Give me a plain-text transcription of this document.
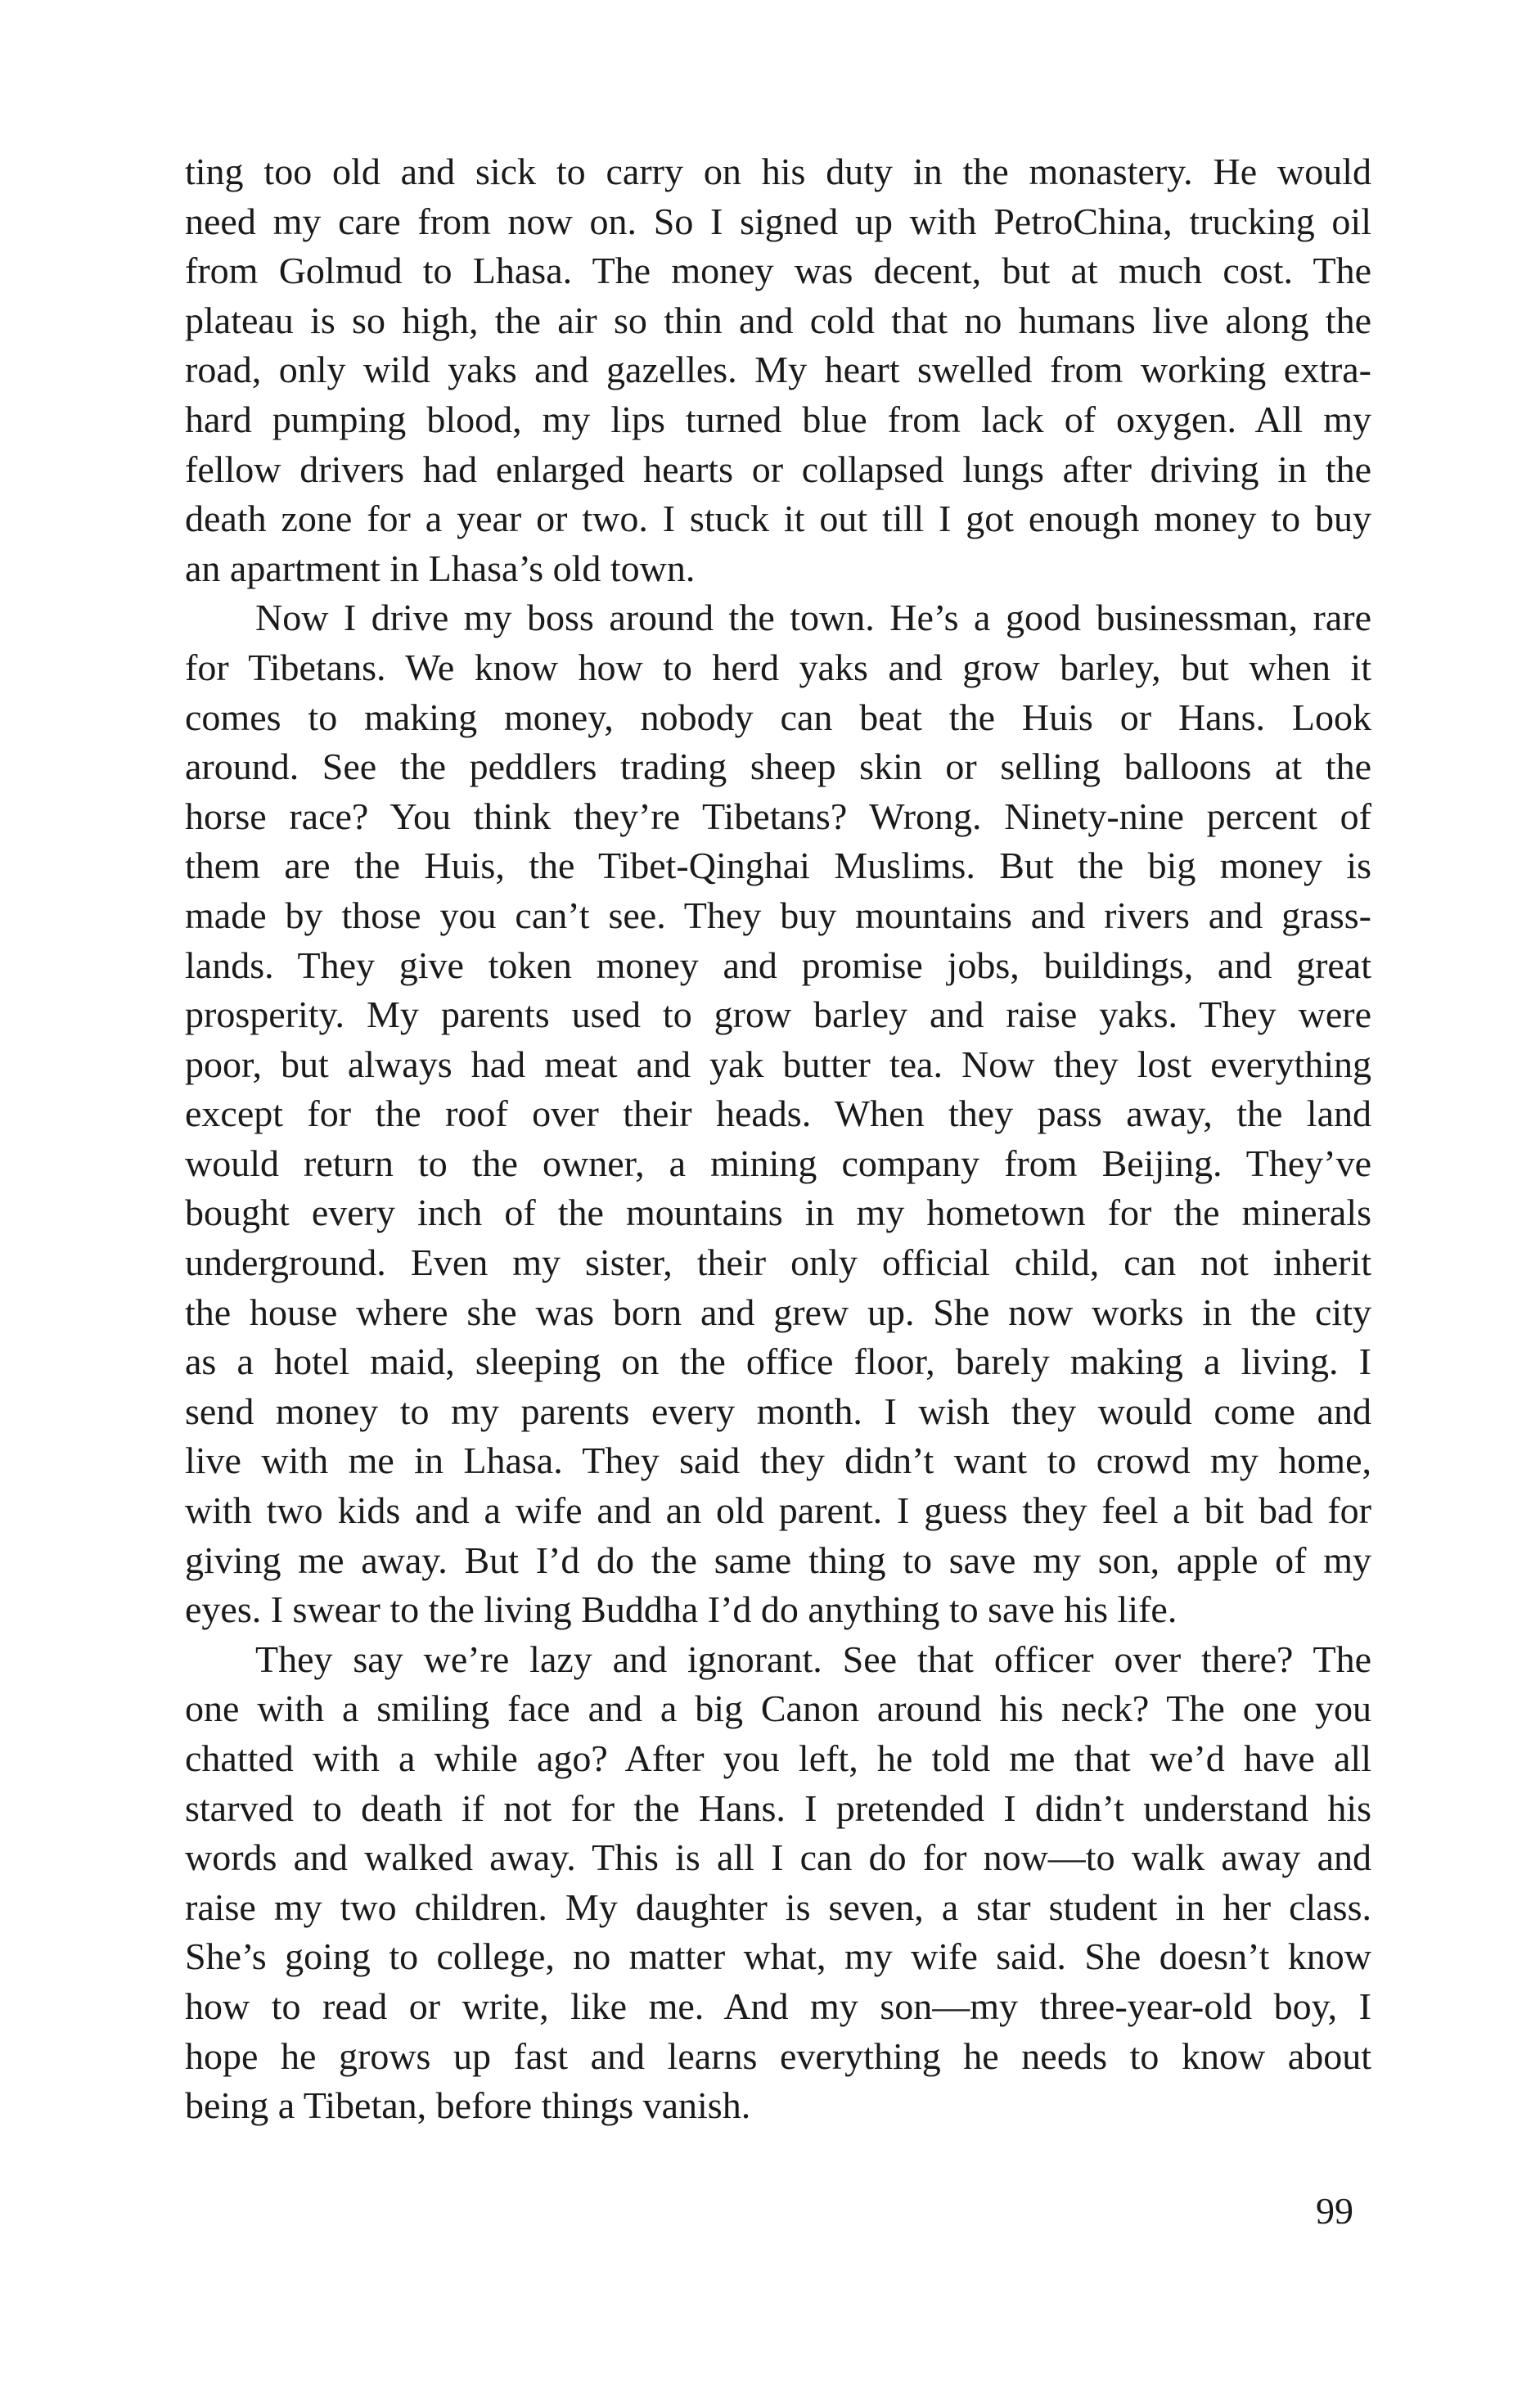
ting too old and sick to carry on his duty in the monastery. He would
need my care from now on. So I signed up with PetroChina, trucking oil
from Golmud to Lhasa. The money was decent, but at much cost. The
plateau is so high, the air so thin and cold that no humans live along the
road, only wild yaks and gazelles. My heart swelled from working extra-
hard pumping blood, my lips turned blue from lack of oxygen. All my
fellow drivers had enlarged hearts or collapsed lungs after driving in the
death zone for a year or two. I stuck it out till I got enough money to buy
an apartment in Lhasa’s old town.
Now I drive my boss around the town. He’s a good businessman, rare
for Tibetans. We know how to herd yaks and grow barley, but when it
comes to making money, nobody can beat the Huis or Hans. Look
around. See the peddlers trading sheep skin or selling balloons at the
horse race? You think they’re Tibetans? Wrong. Ninety-nine percent of
them are the Huis, the Tibet-Qinghai Muslims. But the big money is
made by those you can’t see. They buy mountains and rivers and grass-
lands. They give token money and promise jobs, buildings, and great
prosperity. My parents used to grow barley and raise yaks. They were
poor, but always had meat and yak butter tea. Now they lost everything
except for the roof over their heads. When they pass away, the land
would return to the owner, a mining company from Beijing. They’ve
bought every inch of the mountains in my hometown for the minerals
underground. Even my sister, their only official child, can not inherit
the house where she was born and grew up. She now works in the city
as a hotel maid, sleeping on the office floor, barely making a living. I
send money to my parents every month. I wish they would come and
live with me in Lhasa. They said they didn’t want to crowd my home,
with two kids and a wife and an old parent. I guess they feel a bit bad for
giving me away. But I’d do the same thing to save my son, apple of my
eyes. I swear to the living Buddha I’d do anything to save his life.
They say we’re lazy and ignorant. See that officer over there? The
one with a smiling face and a big Canon around his neck? The one you
chatted with a while ago? After you left, he told me that we’d have all
starved to death if not for the Hans. I pretended I didn’t understand his
words and walked away. This is all I can do for now—to walk away and
raise my two children. My daughter is seven, a star student in her class.
She’s going to college, no matter what, my wife said. She doesn’t know
how to read or write, like me. And my son—my three-year-old boy, I
hope he grows up fast and learns everything he needs to know about
being a Tibetan, before things vanish.
99
